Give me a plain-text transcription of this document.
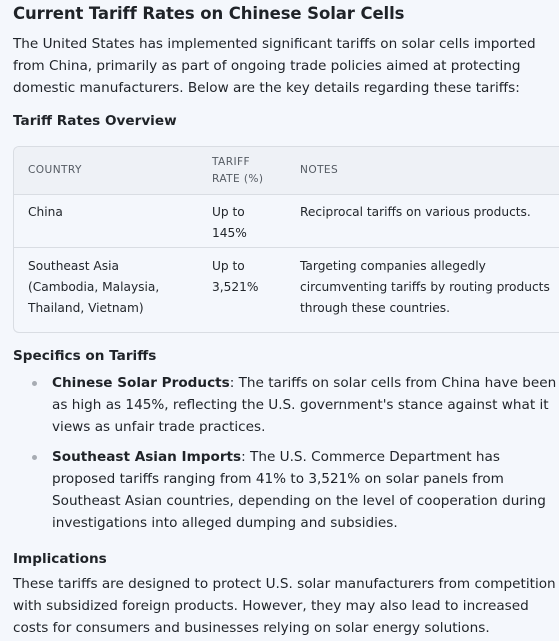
Current Tariff Rates on Chinese Solar Cells

The United States has implemented significant tariffs on solar cells imported from China, primarily as part of ongoing trade policies aimed at protecting domestic manufacturers. Below are the key details regarding these tariffs:

Tariff Rates Overview
COUNTRY	TARIFF RATE (%)	NOTES
China	Up to 145%	Reciprocal tariffs on various products.
Southeast Asia (Cambodia, Malaysia, Thailand, Vietnam)	Up to 3,521%	Targeting companies allegedly circumventing tariffs by routing products through these countries.
Specifics on Tariffs
Chinese Solar Products: The tariffs on solar cells from China have been as high as 145%, reflecting the U.S. government's stance against what it views as unfair trade practices.
Southeast Asian Imports: The U.S. Commerce Department has proposed tariffs ranging from 41% to 3,521% on solar panels from Southeast Asian countries, depending on the level of cooperation during investigations into alleged dumping and subsidies.
Implications

These tariffs are designed to protect U.S. solar manufacturers from competition with subsidized foreign products. However, they may also lead to increased costs for consumers and businesses relying on solar energy solutions.
